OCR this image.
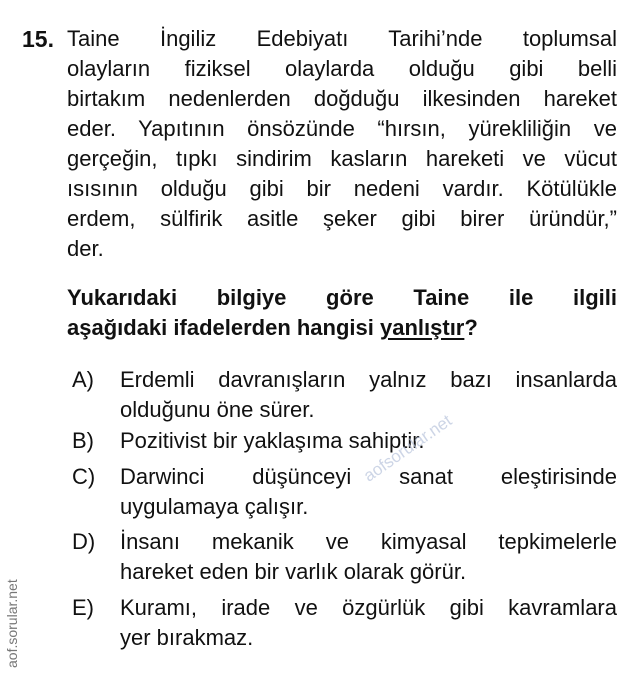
15. Taine İngiliz Edebiyatı Tarihi’nde toplumsal
olayların fiziksel olaylarda olduğu gibi belli
birtakım nedenlerden doğduğu ilkesinden hareket
eder. Yapıtının önsözünde “hırsın, yürekliliğin ve
gerçeğin, tıpkı sindirim kasların hareketi ve vücut
ısısının olduğu gibi bir nedeni vardır. Kötülükle
erdem, sülfirik asitle şeker gibi birer üründür,”
der.
Yukarıdaki bilgiye göre Taine ile ilgili
aşağıdaki ifadelerden hangisi yanlıştır?
A) Erdemli davranışların yalnız bazı insanlarda
olduğunu öne sürer.
B) Pozitivist bir yaklaşıma sahiptir.
C) Darwinci düşünceyi sanat eleştirisinde
uygulamaya çalışır.
D) İnsanı mekanik ve kimyasal tepkimelerle
hareket eden bir varlık olarak görür.
E) Kuramı, irade ve özgürlük gibi kavramlara
yer bırakmaz.
aofsorular.net
aof.sorular.net
